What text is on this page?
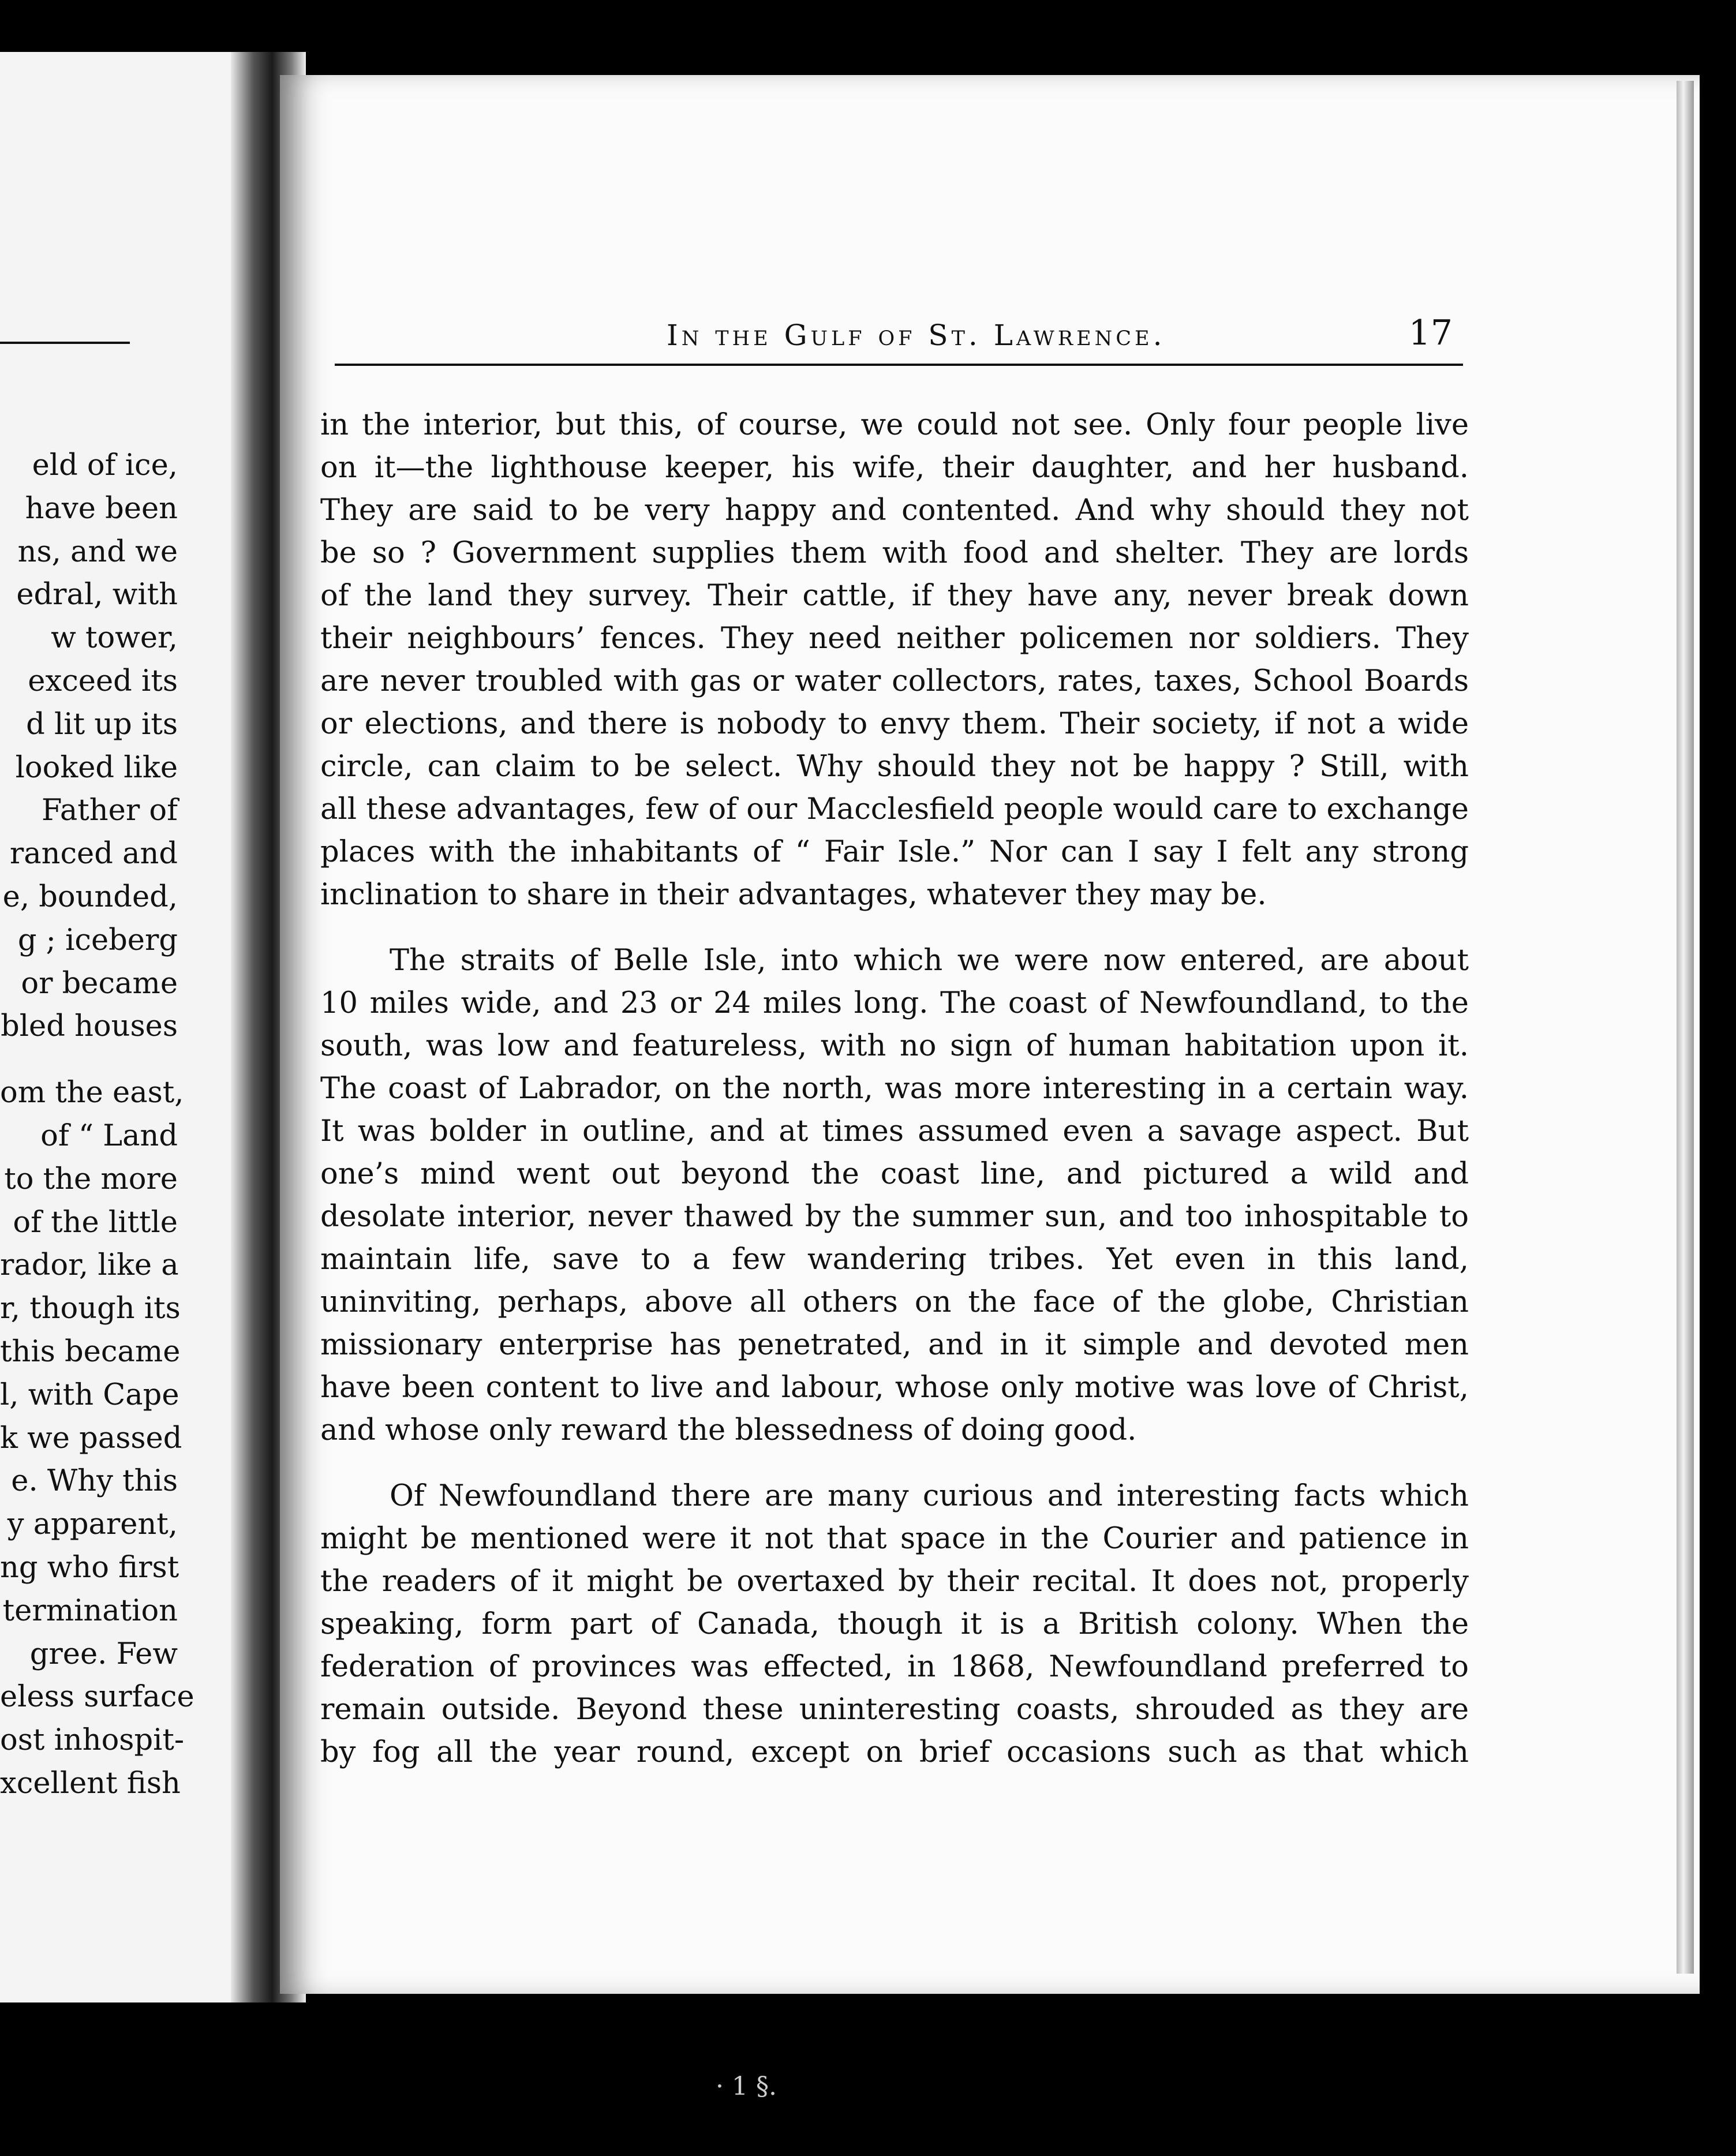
eld of ice,
have been
ns, and we
edral, with
w tower,
exceed its
d lit up its
looked like
Father of
ranced and
e, bounded,
g ; iceberg
or became
bled houses
om the east,
of “ Land
to the more
of the little
rador, like a
r, though its
this became
l, with Cape
k we passed
e. Why this
y apparent,
ng who first
termination
gree. Few
eless surface
ost inhospit-
xcellent fish
In the Gulf of St. Lawrence.	17
in the interior, but this, of course, we could not see. Only four people live
on it—the lighthouse keeper, his wife, their daughter, and her husband.
They are said to be very happy and contented. And why should they not
be so ? Government supplies them with food and shelter. They are lords
of the land they survey. Their cattle, if they have any, never break down
their neighbours’ fences. They need neither policemen nor soldiers. They
are never troubled with gas or water collectors, rates, taxes, School Boards
or elections, and there is nobody to envy them. Their society, if not a wide
circle, can claim to be select. Why should they not be happy ? Still, with
all these advantages, few of our Macclesfield people would care to exchange
places with the inhabitants of “ Fair Isle.” Nor can I say I felt any strong
inclination to share in their advantages, whatever they may be.
The straits of Belle Isle, into which we were now entered, are about
10 miles wide, and 23 or 24 miles long. The coast of Newfoundland, to the
south, was low and featureless, with no sign of human habitation upon it.
The coast of Labrador, on the north, was more interesting in a certain way.
It was bolder in outline, and at times assumed even a savage aspect. But
one’s mind went out beyond the coast line, and pictured a wild and
desolate interior, never thawed by the summer sun, and too inhospitable to
maintain life, save to a few wandering tribes. Yet even in this land,
uninviting, perhaps, above all others on the face of the globe, Christian
missionary enterprise has penetrated, and in it simple and devoted men
have been content to live and labour, whose only motive was love of Christ,
and whose only reward the blessedness of doing good.
Of Newfoundland there are many curious and interesting facts which
might be mentioned were it not that space in the Courier and patience in
the readers of it might be overtaxed by their recital. It does not, properly
speaking, form part of Canada, though it is a British colony. When the
federation of provinces was effected, in 1868, Newfoundland preferred to
remain outside. Beyond these uninteresting coasts, shrouded as they are
by fog all the year round, except on brief occasions such as that which
· 1 §.
